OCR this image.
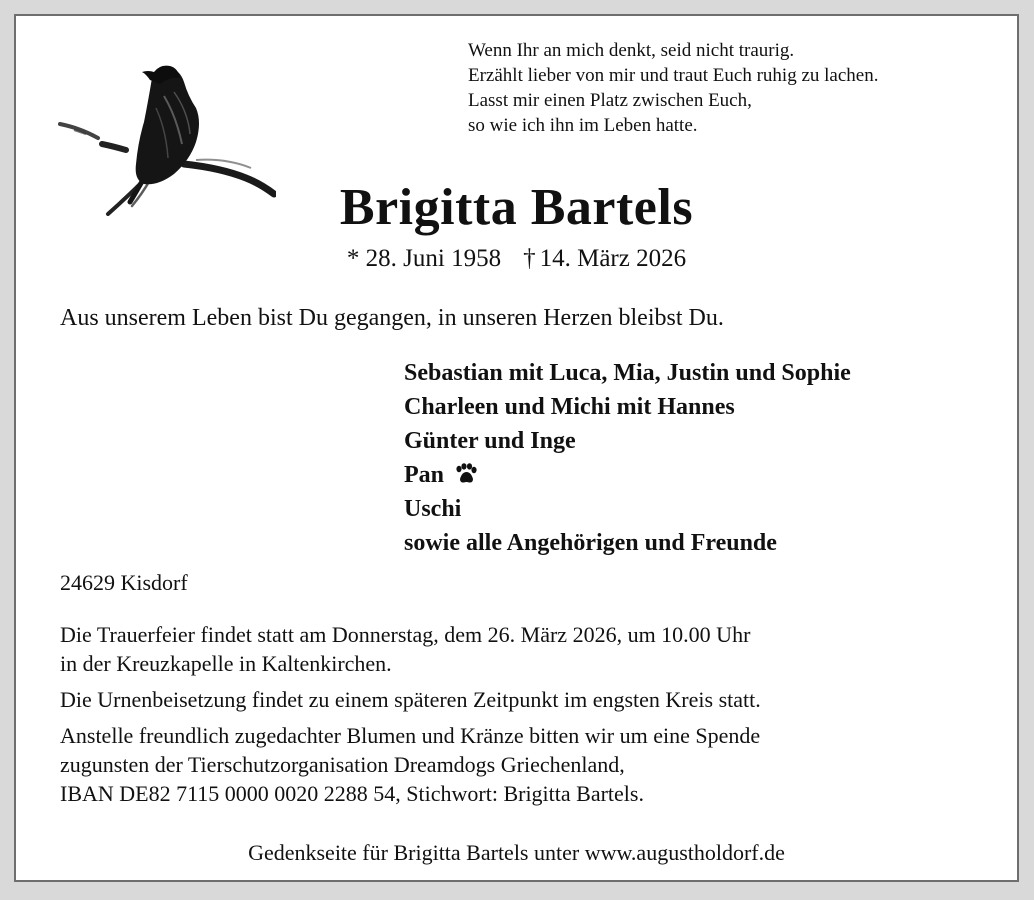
Wenn Ihr an mich denkt, seid nicht traurig.
Erzählt lieber von mir und traut Euch ruhig zu lachen.
Lasst mir einen Platz zwischen Euch,
so wie ich ihn im Leben hatte.
Brigitta Bartels
* 28. Juni 1958 † 14. März 2026
Aus unserem Leben bist Du gegangen, in unseren Herzen bleibst Du.
Sebastian mit Luca, Mia, Justin und Sophie
Charleen und Michi mit Hannes
Günter und Inge
Pan
Uschi
sowie alle Angehörigen und Freunde
24629 Kisdorf

Die Trauerfeier findet statt am Donnerstag, dem 26. März 2026, um 10.00 Uhr
in der Kreuzkapelle in Kaltenkirchen.

Die Urnenbeisetzung findet zu einem späteren Zeitpunkt im engsten Kreis statt.

Anstelle freundlich zugedachter Blumen und Kränze bitten wir um eine Spende
zugunsten der Tierschutzorganisation Dreamdogs Griechenland,
IBAN DE82 7115 0000 0020 2288 54, Stichwort: Brigitta Bartels.

Gedenkseite für Brigitta Bartels unter www.augustholdorf.de
